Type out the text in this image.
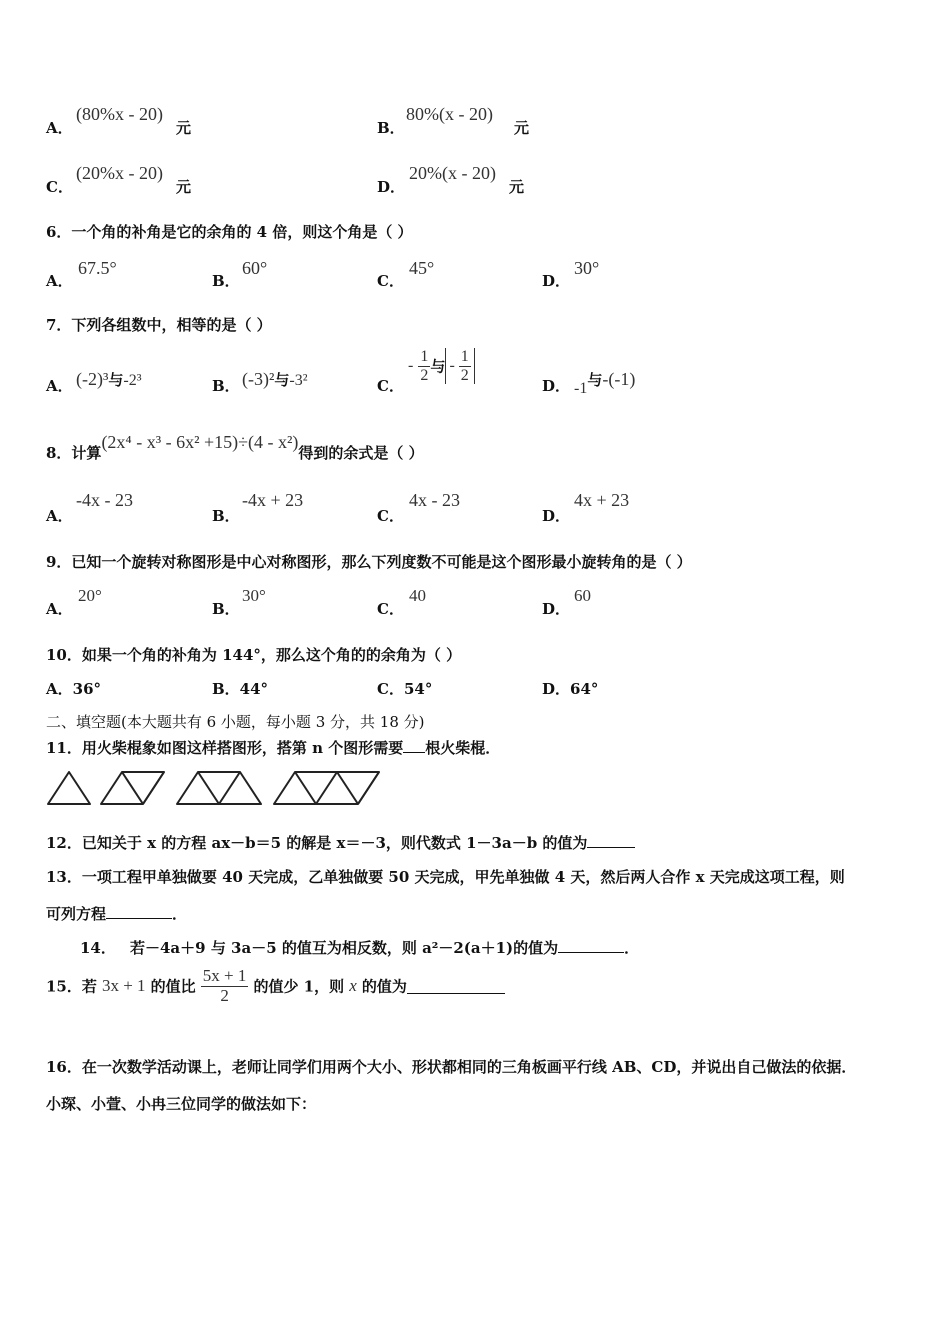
A．
(80%x - 20)
元	B．
80%(x - 20)
元
C．
(20%x - 20)
元	D．
20%(x - 20)
元
6．一个角的补角是它的余角的 4 倍，则这个角是（ ）
A．
67.5°
B．
60°
C．
45°
D．
30°
7．下列各组数中，相等的是（ ）
A． (-2)³与-2³	B． (-3)²与-3²	C．
- $\frac{1}{2}$ 与 - $\frac{1}{2}$
D． -1与-(-1)
8．计算(2x⁴ - x³ - 6x² +15)÷(4 - x²)得到的余式是（ ）
A．
-4x - 23
B．
-4x + 23
C．
4x - 23
D．
4x + 23
9．已知一个旋转对称图形是中心对称图形，那么下列度数不可能是这个图形最小旋转角的是（ ）
A．
20°
B．
30°
C．
40
D．
60
10．如果一个角的补角为 144°，那么这个角的的余角为（ ）
A．36°	B．44°	C．54°	D．64°
二、填空题(本大题共有 6 小题，每小题 3 分，共 18 分)
11．用火柴棍象如图这样搭图形，搭第 n 个图形需要 根火柴棍．
12．已知关于 x 的方程 ax－b＝5 的解是 x＝－3，则代数式 1－3a－b 的值为
13．一项工程甲单独做要 40 天完成，乙单独做要 50 天完成，甲先单独做 4 天，然后两人合作 x 天完成这项工程，则
可列方程	．
14． 若－4a＋9 与 3a－5 的值互为相反数，则 a²－2(a＋1)的值为	．
15．若 3x + 1 的值比 $\frac{5x + 1}{2}$ 的值少 1，则 x 的值为
16．在一次数学活动课上，老师让同学们用两个大小、形状都相同的三角板画平行线 AB、CD，并说出自己做法的依据．
小琛、小萱、小冉三位同学的做法如下：
